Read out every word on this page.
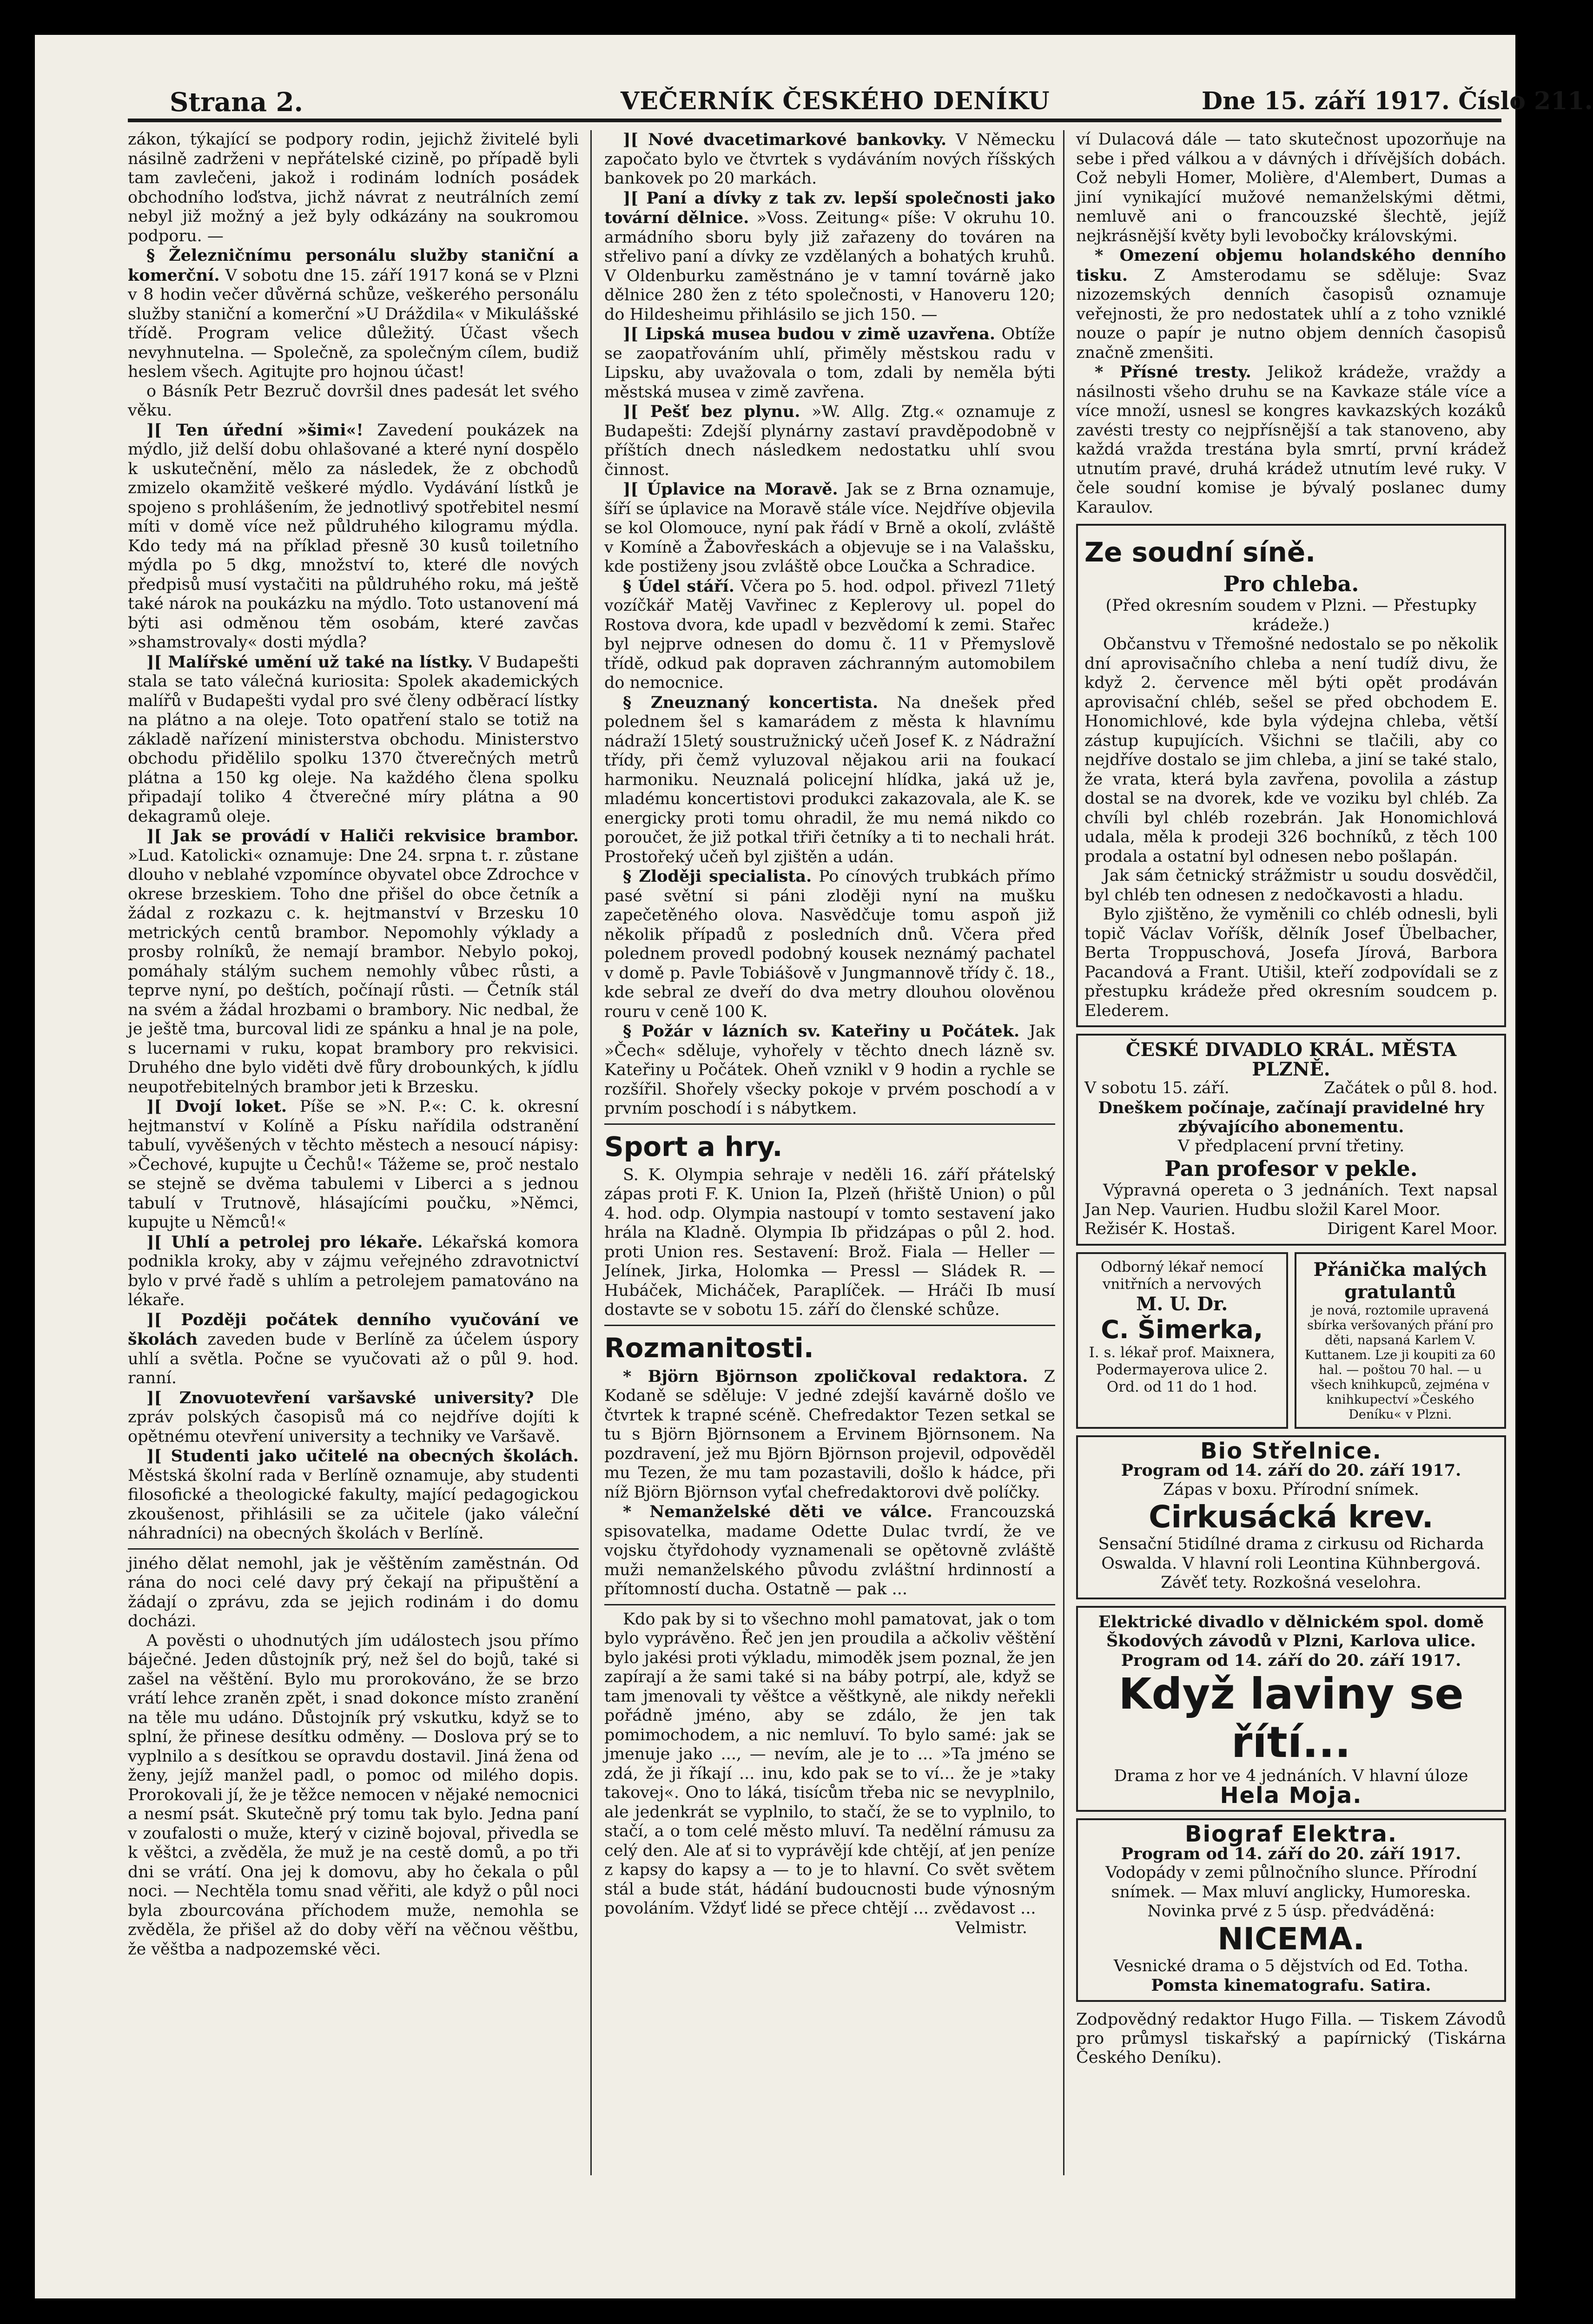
Strana 2.	VEČERNÍK ČESKÉHO DENÍKU	Dne 15. září 1917. Číslo 211.

zákon, týkající se podpory rodin, jejichž živitelé byli násilně zadrženi v nepřátelské cizině, po případě byli tam zavlečeni, jakož i rodinám lodních posádek obchodního loďstva, jichž návrat z neutrálních zemí nebyl již možný a jež byly odkázány na soukromou podporu. —

§ Železničnímu personálu služby staniční a komerční. V sobotu dne 15. září 1917 koná se v Plzni v 8 hodin večer důvěrná schůze, veškerého personálu služby staniční a komerční »U Dráždila« v Mikulášské třídě. Program velice důležitý. Účast všech nevyhnutelna. — Společně, za společným cílem, budiž heslem všech. Agitujte pro hojnou účast!

o Básník Petr Bezruč dovršil dnes padesát let svého věku.

][ Ten úřední »šimi«! Zavedení poukázek na mýdlo, již delší dobu ohlašované a které nyní dospělo k uskutečnění, mělo za následek, že z obchodů zmizelo okamžitě veškeré mýdlo. Vydávání lístků je spojeno s prohlášením, že jednotlivý spotřebitel nesmí míti v domě více než půldruhého kilogramu mýdla. Kdo tedy má na příklad přesně 30 kusů toiletního mýdla po 5 dkg, množství to, které dle nových předpisů musí vystačiti na půldruhého roku, má ještě také nárok na poukázku na mýdlo. Toto ustanovení má býti asi odměnou těm osobám, které zavčas »shamstrovaly« dosti mýdla?

][ Malířské umění už také na lístky. V Budapešti stala se tato válečná kuriosita: Spolek akademických malířů v Budapešti vydal pro své členy odběrací lístky na plátno a na oleje. Toto opatření stalo se totiž na základě nařízení ministerstva obchodu. Ministerstvo obchodu přidělilo spolku 1370 čtverečných metrů plátna a 150 kg oleje. Na každého člena spolku připadají toliko 4 čtverečné míry plátna a 90 dekagramů oleje.

][ Jak se provádí v Haliči rekvisice brambor. »Lud. Katolicki« oznamuje: Dne 24. srpna t. r. zůstane dlouho v neblahé vzpomínce obyvatel obce Zdrochce v okrese brzeskiem. Toho dne přišel do obce četník a žádal z rozkazu c. k. hejtmanství v Brzesku 10 metrických centů brambor. Nepomohly výklady a prosby rolníků, že nemají brambor. Nebylo pokoj, pomáhaly stálým suchem nemohly vůbec růsti, a teprve nyní, po deštích, počínají růsti. — Četník stál na svém a žádal hrozbami o brambory. Nic nedbal, že je ještě tma, burcoval lidi ze spánku a hnal je na pole, s lucernami v ruku, kopat brambory pro rekvisici. Druhého dne bylo viděti dvě fůry drobounkých, k jídlu neupotřebitelných brambor jeti k Brzesku.

][ Dvojí loket. Píše se »N. P.«: C. k. okresní hejtmanství v Kolíně a Písku nařídila odstranění tabulí, vyvěšených v těchto městech a nesoucí nápisy: »Čechové, kupujte u Čechů!« Tážeme se, proč nestalo se stejně se dvěma tabulemi v Liberci a s jednou tabulí v Trutnově, hlásajícími poučku, »Němci, kupujte u Němců!«

][ Uhlí a petrolej pro lékaře. Lékařská komora podnikla kroky, aby v zájmu veřejného zdravotnictví bylo v prvé řadě s uhlím a petrolejem pamatováno na lékaře.

][ Později počátek denního vyučování ve školách zaveden bude v Berlíně za účelem úspory uhlí a světla. Počne se vyučovati až o půl 9. hod. ranní.

][ Znovuotevření varšavské university? Dle zpráv polských časopisů má co nejdříve dojíti k opětnému otevření university a techniky ve Varšavě.

][ Studenti jako učitelé na obecných školách. Městská školní rada v Berlíně oznamuje, aby studenti filosofické a theologické fakulty, mající pedagogickou zkoušenost, přihlásili se za učitele (jako váleční náhradníci) na obecných školách v Berlíně.

jiného dělat nemohl, jak je věštěním zaměstnán. Od rána do noci celé davy prý čekají na připuštění a žádají o zprávu, zda se jejich rodinám i do domu docházi.

A pověsti o uhodnutých jím událostech jsou přímo báječné. Jeden důstojník prý, než šel do bojů, také si zašel na věštění. Bylo mu prorokováno, že se brzo vrátí lehce zraněn zpět, i snad dokonce místo zranění na těle mu udáno. Důstojník prý vskutku, když se to splní, že přinese desítku odměny. — Doslova prý se to vyplnilo a s desítkou se opravdu dostavil. Jiná žena od ženy, jejíž manžel padl, o pomoc od milého dopis. Prorokovali jí, že je těžce nemocen v nějaké nemocnici a nesmí psát. Skutečně prý tomu tak bylo. Jedna paní v zoufalosti o muže, který v cizině bojoval, přivedla se k věštci, a zvěděla, že muž je na cestě domů, a po tři dni se vrátí. Ona jej k domovu, aby ho čekala o půl noci. — Nechtěla tomu snad věřiti, ale když o půl noci byla zbourcována příchodem muže, nemohla se zvěděla, že přišel až do doby věří na věčnou věštbu, že věštba a nadpozemské věci.

][ Nové dvacetimarkové bankovky. V Německu započato bylo ve čtvrtek s vydáváním nových říšských bankovek po 20 markách.

][ Paní a dívky z tak zv. lepší společnosti jako tovární dělnice. »Voss. Zeitung« píše: V okruhu 10. armádního sboru byly již zařazeny do továren na střelivo paní a dívky ze vzdělaných a bohatých kruhů. V Oldenburku zaměstnáno je v tamní továrně jako dělnice 280 žen z této společnosti, v Hanoveru 120; do Hildesheimu přihlásilo se jich 150. —

][ Lipská musea budou v zimě uzavřena. Obtíže se zaopatřováním uhlí, přiměly městskou radu v Lipsku, aby uvažovala o tom, zdali by neměla býti městská musea v zimě zavřena.

][ Pešť bez plynu. »W. Allg. Ztg.« oznamuje z Budapešti: Zdejší plynárny zastaví pravděpodobně v příštích dnech následkem nedostatku uhlí svou činnost.

][ Úplavice na Moravě. Jak se z Brna oznamuje, šíří se úplavice na Moravě stále více. Nejdříve objevila se kol Olomouce, nyní pak řádí v Brně a okolí, zvláště v Komíně a Žabovřeskách a objevuje se i na Valašsku, kde postiženy jsou zvláště obce Loučka a Schradice.

§ Údel stáří. Včera po 5. hod. odpol. přivezl 71letý vozíčkář Matěj Vavřinec z Keplerovy ul. popel do Rostova dvora, kde upadl v bezvědomí k zemi. Stařec byl nejprve odnesen do domu č. 11 v Přemyslově třídě, odkud pak dopraven záchranným automobilem do nemocnice.

§ Zneuznaný koncertista. Na dnešek před polednem šel s kamarádem z města k hlavnímu nádraží 15letý soustružnický učeň Josef K. z Nádražní třídy, při čemž vyluzoval nějakou arii na foukací harmoniku. Neuznalá policejní hlídka, jaká už je, mladému koncertistovi produkci zakazovala, ale K. se energicky proti tomu ohradil, že mu nemá nikdo co poroučet, že již potkal třiři četníky a ti to nechali hrát. Prostořeký učeň byl zjištěn a udán.

§ Zloději specialista. Po cínových trubkách přímo pasé světní si páni zloději nyní na mušku zapečetěného olova. Nasvědčuje tomu aspoň již několik případů z posledních dnů. Včera před polednem provedl podobný kousek neznámý pachatel v domě p. Pavle Tobiášově v Jungmannově třídy č. 18., kde sebral ze dveří do dva metry dlouhou olověnou rouru v ceně 100 K.

§ Požár v lázních sv. Kateřiny u Počátek. Jak »Čech« sděluje, vyhořely v těchto dnech lázně sv. Kateřiny u Počátek. Oheň vznikl v 9 hodin a rychle se rozšířil. Shořely všecky pokoje v prvém poschodí a v prvním poschodí i s nábytkem.

Sport a hry.

S. K. Olympia sehraje v neděli 16. září přátelský zápas proti F. K. Union Ia, Plzeň (hřiště Union) o půl 4. hod. odp. Olympia nastoupí v tomto sestavení jako hrála na Kladně. Olympia Ib přidzápas o půl 2. hod. proti Union res. Sestavení: Brož. Fiala — Heller — Jelínek, Jirka, Holomka — Pressl — Sládek R. — Hubáček, Micháček, Paraplíček. — Hráči Ib musí dostavte se v sobotu 15. září do členské schůze.

Rozmanitosti.

* Björn Björnson zpoličkoval redaktora. Z Kodaně se sděluje: V jedné zdejší kavárně došlo ve čtvrtek k trapné scéně. Chefredaktor Tezen setkal se tu s Björn Björnsonem a Ervinem Björnsonem. Na pozdravení, jež mu Björn Björnson projevil, odpověděl mu Tezen, že mu tam pozastavili, došlo k hádce, při níž Björn Björnson vyťal chefredaktorovi dvě políčky.

* Nemanželské děti ve válce. Francouzská spisovatelka, madame Odette Dulac tvrdí, že ve vojsku čtyřdohody vyznamenali se opětovně zvláště muži nemanželského původu zvláštní hrdinností a přítomností ducha. Ostatně — pak ...

Kdo pak by si to všechno mohl pamatovat, jak o tom bylo vyprávěno. Řeč jen jen proudila a ačkoliv věštění bylo jakési proti výkladu, mimoděk jsem poznal, že jen zapírají a že sami také si na báby potrpí, ale, když se tam jmenovali ty věštce a věštkyně, ale nikdy neřekli pořádně jméno, aby se zdálo, že jen tak pomimochodem, a nic nemluví. To bylo samé: jak se jmenuje jako ..., — nevím, ale je to ... »Ta jméno se zdá, že ji říkají ... inu, kdo pak se to ví... že je »taky takovej«. Ono to láká, tisícům třeba nic se nevyplnilo, ale jedenkrát se vyplnilo, to stačí, že se to vyplnilo, to stačí, a o tom celé město mluví. Ta nedělní rámusu za celý den. Ale ať si to vyprávějí kde chtějí, ať jen peníze z kapsy do kapsy a — to je to hlavní. Co svět světem stál a bude stát, hádání budoucnosti bude výnosným povoláním. Vždyť lidé se přece chtějí ... zvědavost ...

Velmistr.

ví Dulacová dále — tato skutečnost upozorňuje na sebe i před válkou a v dávných i dřívějších dobách. Což nebyli Homer, Molière, d'Alembert, Dumas a jiní vynikající mužové nemanželskými dětmi, nemluvě ani o francouzské šlechtě, jejíž nejkrásnější květy byli levobočky královskými.

* Omezení objemu holandského denního tisku. Z Amsterodamu se sděluje: Svaz nizozemských denních časopisů oznamuje veřejnosti, že pro nedostatek uhlí a z toho vzniklé nouze o papír je nutno objem denních časopisů značně zmenšiti.

* Přísné tresty. Jelikož krádeže, vraždy a násilnosti všeho druhu se na Kavkaze stále více a více množí, usnesl se kongres kavkazských kozáků zavésti tresty co nejpřísnější a tak stanoveno, aby každá vražda trestána byla smrtí, první krádež utnutím pravé, druhá krádež utnutím levé ruky. V čele soudní komise je bývalý poslanec dumy Karaulov.

Ze soudní síně.
Pro chleba.

(Před okresním soudem v Plzni. — Přestupky krádeže.)

Občanstvu v Třemošné nedostalo se po několik dní aprovisačního chleba a není tudíž divu, že když 2. července měl býti opět prodáván aprovisační chléb, sešel se před obchodem E. Honomichlové, kde byla výdejna chleba, větší zástup kupujících. Všichni se tlačili, aby co nejdříve dostalo se jim chleba, a jiní se také stalo, že vrata, která byla zavřena, povolila a zástup dostal se na dvorek, kde ve voziku byl chléb. Za chvíli byl chléb rozebrán. Jak Honomichlová udala, měla k prodeji 326 bochníků, z těch 100 prodala a ostatní byl odnesen nebo pošlapán.

Jak sám četnický strážmistr u soudu dosvědčil, byl chléb ten odnesen z nedočkavosti a hladu.

Bylo zjištěno, že vyměnili co chléb odnesli, byli topič Václav Voříšk, dělník Josef Übelbacher, Berta Troppuschová, Josefa Jírová, Barbora Pacandová a Frant. Utišil, kteří zodpovídali se z přestupku krádeže před okresním soudcem p. Elederem.

ČESKÉ DIVADLO KRÁL. MĚSTA PLZNĚ.
V sobotu 15. září.	Začátek o půl 8. hod.

Dneškem počínaje, začínají pravidelné hry zbývajícího abonementu.

V předplacení první třetiny.

Pan profesor v pekle.

Výpravná opereta o 3 jednáních. Text napsal Jan Nep. Vaurien. Hudbu složil Karel Moor.

Režisér K. Hostaš.	Dirigent Karel Moor.
Odborný lékař nemocí vnitřních a nervových
M. U. Dr.
C. Šimerka,
I. s. lékař prof. Maixnera, Podermayerova ulice 2. Ord. od 11 do 1 hod.
Přánička malých gratulantů
je nová, roztomile upravená sbírka veršovaných přání pro děti, napsaná Karlem V. Kuttanem. Lze ji koupiti za 60 hal. — poštou 70 hal. — u všech knihkupců, zejména v knihkupectví »Českého Deníku« v Plzni.
Bio Střelnice.
Program od 14. září do 20. září 1917.
Zápas v boxu. Přírodní snímek.
Cirkusácká krev.
Sensační 5tidílné drama z cirkusu od Richarda Oswalda. V hlavní roli Leontina Kühnbergová.
Závěť tety. Rozkošná veselohra.
Elektrické divadlo v dělnickém spol. domě Škodových závodů v Plzni, Karlova ulice.
Program od 14. září do 20. září 1917.
Když laviny se řítí...
Drama z hor ve 4 jednáních. V hlavní úloze
Hela Moja.
Biograf Elektra.
Program od 14. září do 20. září 1917.
Vodopády v zemi půlnočního slunce. Přírodní snímek. — Max mluví anglicky, Humoreska. Novinka prvé z 5 úsp. předváděná:
NICEMA.
Vesnické drama o 5 dějstvích od Ed. Totha.
Pomsta kinematografu. Satira.

Zodpovědný redaktor Hugo Filla. — Tiskem Závodů pro průmysl tiskařský a papírnický (Tiskárna Českého Deníku).
